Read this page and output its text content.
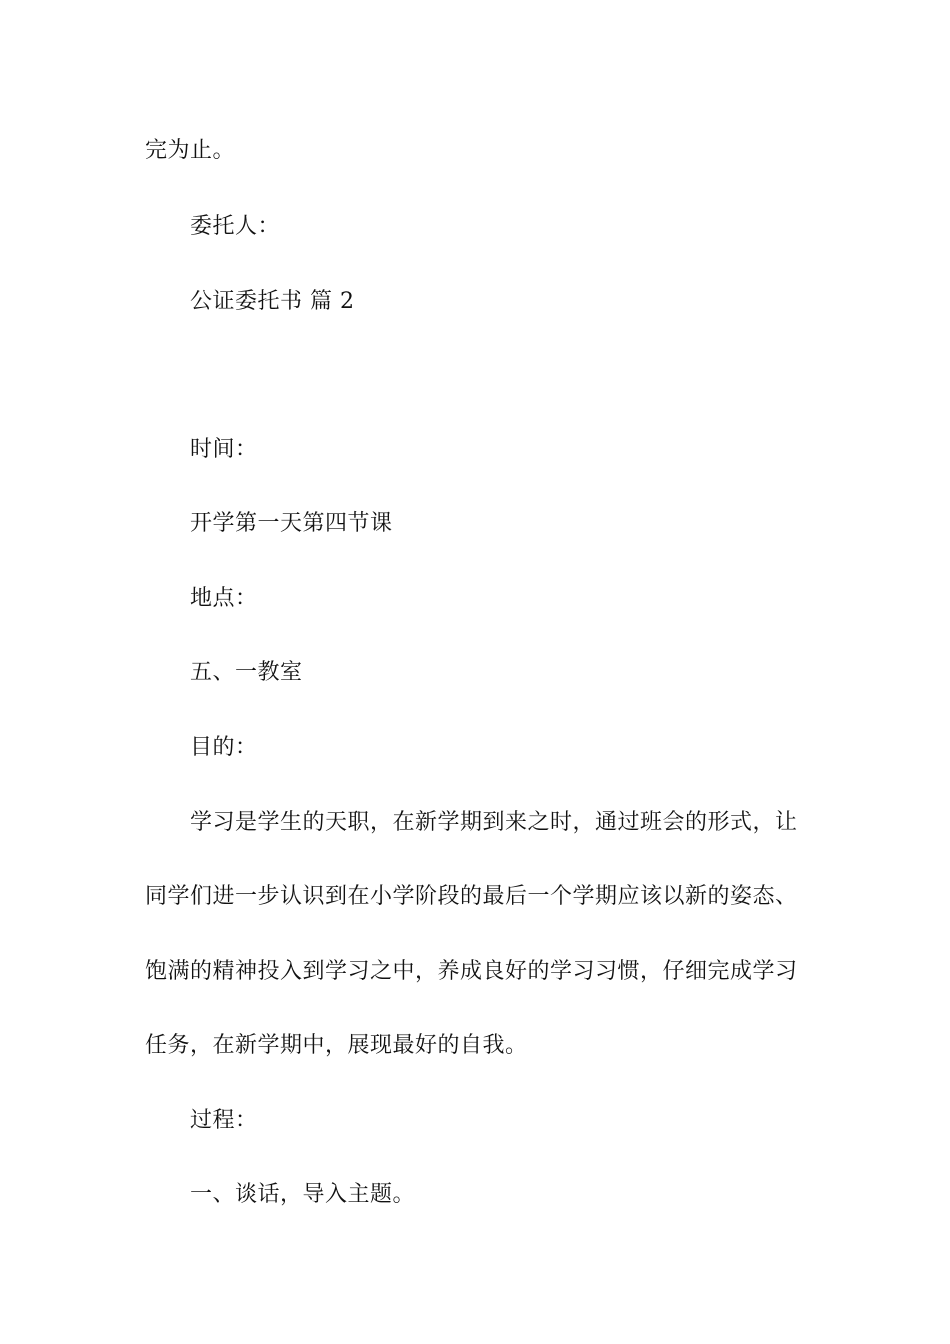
完为止。
委托人：
公证委托书 篇 2
时间：
开学第一天第四节课
地点：
五、一教室
目的：
学习是学生的天职，在新学期到来之时，通过班会的形式，让
同学们进一步认识到在小学阶段的最后一个学期应该以新的姿态、
饱满的精神投入到学习之中，养成良好的学习习惯，仔细完成学习
任务，在新学期中，展现最好的自我。
过程：
一、谈话，导入主题。
